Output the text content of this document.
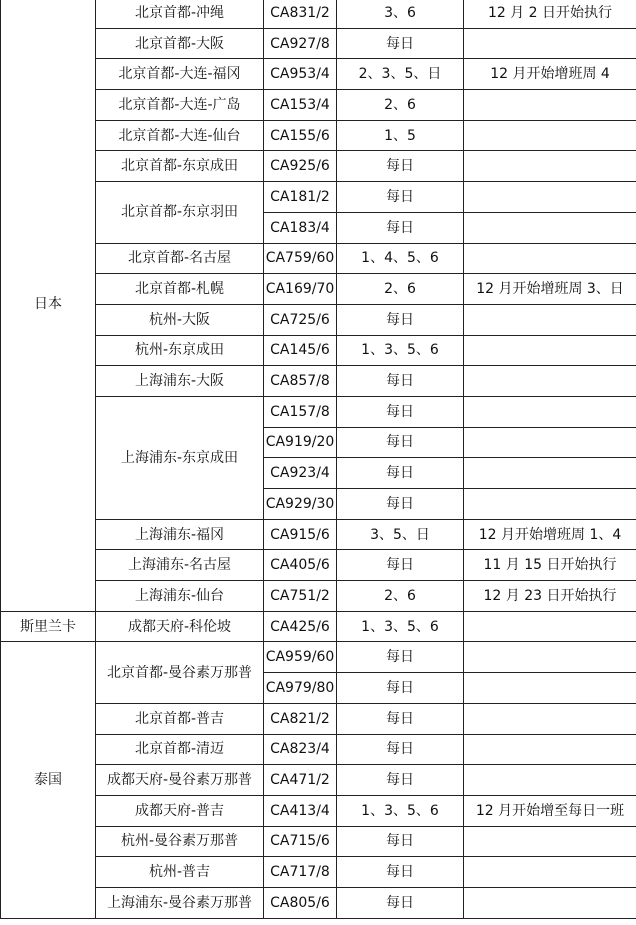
日本	北京首都-冲绳	CA831/2	3、6	12 月 2 日开始执行
	北京首都-大阪	CA927/8	每日	
	北京首都-大连-福冈	CA953/4	2、3、5、日	12 月开始增班周 4
	北京首都-大连-广岛	CA153/4	2、6	
	北京首都-大连-仙台	CA155/6	1、5	
	北京首都-东京成田	CA925/6	每日	
	北京首都-东京羽田	CA181/2	每日	
		CA183/4	每日	
	北京首都-名古屋	CA759/60	1、4、5、6	
	北京首都-札幌	CA169/70	2、6	12 月开始增班周 3、日
	杭州-大阪	CA725/6	每日	
	杭州-东京成田	CA145/6	1、3、5、6	
	上海浦东-大阪	CA857/8	每日	
	上海浦东-东京成田	CA157/8	每日	
		CA919/20	每日	
		CA923/4	每日	
		CA929/30	每日	
	上海浦东-福冈	CA915/6	3、5、日	12 月开始增班周 1、4
	上海浦东-名古屋	CA405/6	每日	11 月 15 日开始执行
	上海浦东-仙台	CA751/2	2、6	12 月 23 日开始执行
斯里兰卡	成都天府-科伦坡	CA425/6	1、3、5、6	
泰国	北京首都-曼谷素万那普	CA959/60	每日	
		CA979/80	每日	
	北京首都-普吉	CA821/2	每日	
	北京首都-清迈	CA823/4	每日	
	成都天府-曼谷素万那普	CA471/2	每日	
	成都天府-普吉	CA413/4	1、3、5、6	12 月开始增至每日一班
	杭州-曼谷素万那普	CA715/6	每日	
	杭州-普吉	CA717/8	每日	
	上海浦东-曼谷素万那普	CA805/6	每日	
